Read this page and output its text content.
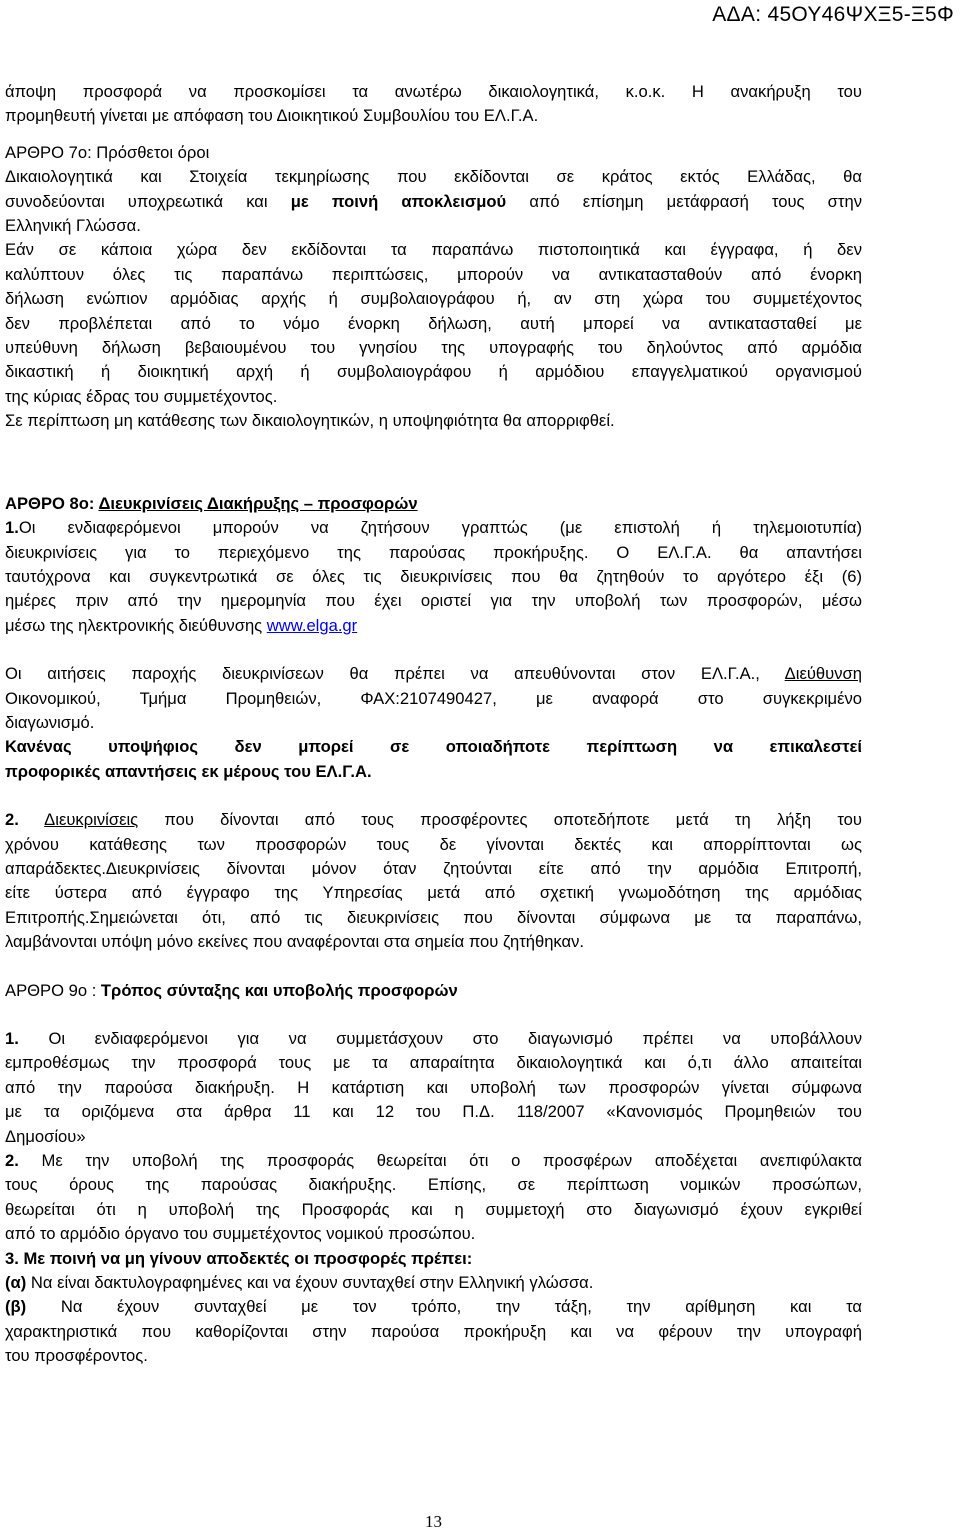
ΑΔΑ: 45ΟΥ46ΨΧΞ5-Ξ5Φ
άποψη προσφορά να προσκομίσει τα ανωτέρω δικαιολογητικά, κ.ο.κ. Η ανακήρυξη του
προμηθευτή γίνεται με απόφαση του Διοικητικού Συμβουλίου του ΕΛ.Γ.Α.
ΑΡΘΡΟ 7ο: Πρόσθετοι όροι
Δικαιολογητικά και Στοιχεία τεκμηρίωσης που εκδίδονται σε κράτος εκτός Ελλάδας, θα
συνοδεύονται υποχρεωτικά και με ποινή αποκλεισμού από επίσημη μετάφρασή τους στην
Ελληνική Γλώσσα.
Εάν σε κάποια χώρα δεν εκδίδονται τα παραπάνω πιστοποιητικά και έγγραφα, ή δεν
καλύπτουν όλες τις παραπάνω περιπτώσεις, μπορούν να αντικατασταθούν από ένορκη
δήλωση ενώπιον αρμόδιας αρχής ή συμβολαιογράφου ή, αν στη χώρα του συμμετέχοντος
δεν προβλέπεται από το νόμο ένορκη δήλωση, αυτή μπορεί να αντικατασταθεί με
υπεύθυνη δήλωση βεβαιουμένου του γνησίου της υπογραφής του δηλούντος από αρμόδια
δικαστική ή διοικητική αρχή ή συμβολαιογράφου ή αρμόδιου επαγγελματικού οργανισμού
της κύριας έδρας του συμμετέχοντος.
Σε περίπτωση μη κατάθεσης των δικαιολογητικών, η υποψηφιότητα θα απορριφθεί.
ΑΡΘΡΟ 8ο: Διευκρινίσεις Διακήρυξης – προσφορών
1.Οι ενδιαφερόμενοι μπορούν να ζητήσουν γραπτώς (με επιστολή ή τηλεμοιοτυπία)
διευκρινίσεις για το περιεχόμενο της παρούσας προκήρυξης. Ο ΕΛ.Γ.Α. θα απαντήσει
ταυτόχρονα και συγκεντρωτικά σε όλες τις διευκρινίσεις που θα ζητηθούν το αργότερο έξι (6)
ημέρες πριν από την ημερομηνία που έχει οριστεί για την υποβολή των προσφορών, μέσω
μέσω της ηλεκτρονικής διεύθυνσης www.elga.gr
Οι αιτήσεις παροχής διευκρινίσεων θα πρέπει να απευθύνονται στον ΕΛ.Γ.Α., Διεύθυνση
Οικονομικού, Τμήμα Προμηθειών, ΦΑΧ:2107490427, με αναφορά στο συγκεκριμένο
διαγωνισμό.
Κανένας υποψήφιος δεν μπορεί σε οποιαδήποτε περίπτωση να επικαλεστεί
προφορικές απαντήσεις εκ μέρους του ΕΛ.Γ.Α.
2. Διευκρινίσεις που δίνονται από τους προσφέροντες οποτεδήποτε μετά τη λήξη του
χρόνου κατάθεσης των προσφορών τους δε γίνονται δεκτές και απορρίπτονται ως
απαράδεκτες.Διευκρινίσεις δίνονται μόνον όταν ζητούνται είτε από την αρμόδια Επιτροπή,
είτε ύστερα από έγγραφο της Υπηρεσίας μετά από σχετική γνωμοδότηση της αρμόδιας
Επιτροπής.Σημειώνεται ότι, από τις διευκρινίσεις που δίνονται σύμφωνα με τα παραπάνω,
λαμβάνονται υπόψη μόνο εκείνες που αναφέρονται στα σημεία που ζητήθηκαν.
ΑΡΘΡΟ 9ο : Τρόπος σύνταξης και υποβολής προσφορών
1. Οι ενδιαφερόμενοι για να συμμετάσχουν στο διαγωνισμό πρέπει να υποβάλλουν
εμπροθέσμως την προσφορά τους με τα απαραίτητα δικαιολογητικά και ό,τι άλλο απαιτείται
από την παρούσα διακήρυξη. Η κατάρτιση και υποβολή των προσφορών γίνεται σύμφωνα
με τα οριζόμενα στα άρθρα 11 και 12 του Π.Δ. 118/2007 «Κανονισμός Προμηθειών του
Δημοσίου»
2. Με την υποβολή της προσφοράς θεωρείται ότι ο προσφέρων αποδέχεται ανεπιφύλακτα
τους όρους της παρούσας διακήρυξης. Επίσης, σε περίπτωση νομικών προσώπων,
θεωρείται ότι η υποβολή της Προσφοράς και η συμμετοχή στο διαγωνισμό έχουν εγκριθεί
από το αρμόδιο όργανο του συμμετέχοντος νομικού προσώπου.
3. Με ποινή να μη γίνουν αποδεκτές οι προσφορές πρέπει:
(α) Να είναι δακτυλογραφημένες και να έχουν συνταχθεί στην Ελληνική γλώσσα.
(β) Να έχουν συνταχθεί με τον τρόπο, την τάξη, την αρίθμηση και τα
χαρακτηριστικά που καθορίζονται στην παρούσα προκήρυξη και να φέρουν την υπογραφή
του προσφέροντος.
13
